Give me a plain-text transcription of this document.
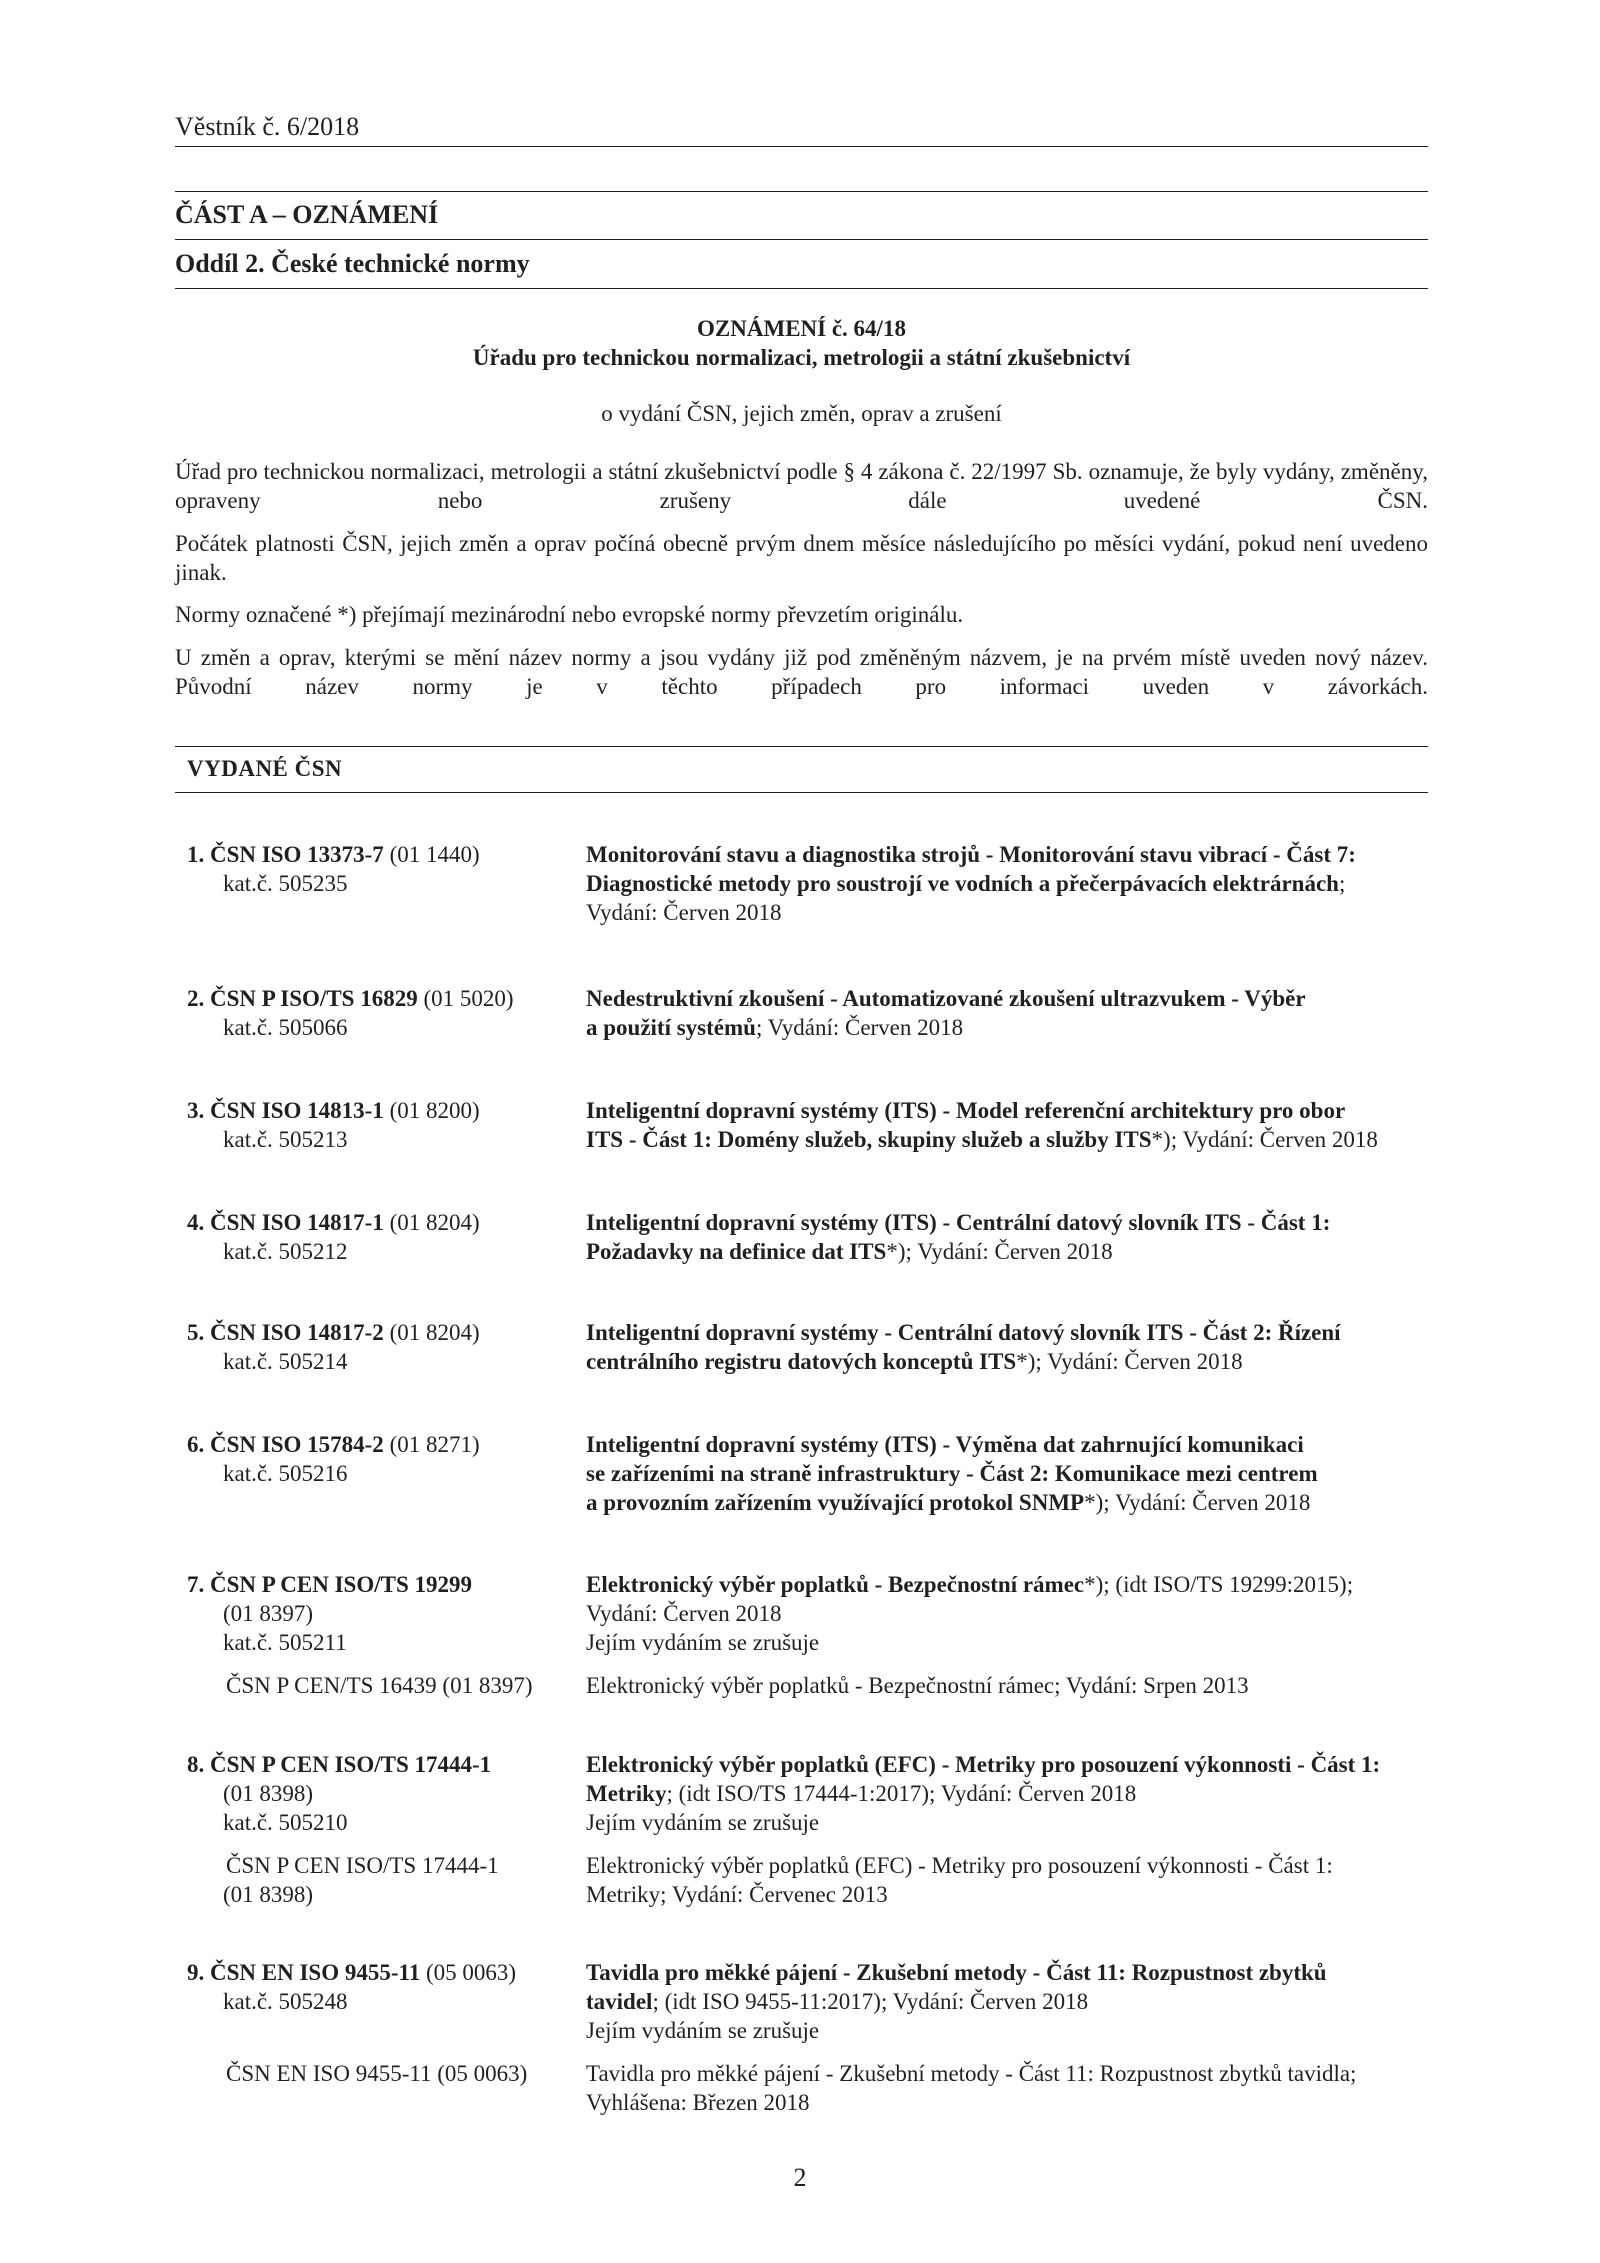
Věstník č. 6/2018
ČÁST A – OZNÁMENÍ
Oddíl 2. České technické normy
OZNÁMENÍ č. 64/18
Úřadu pro technickou normalizaci, metrologii a státní zkušebnictví
o vydání ČSN, jejich změn, oprav a zrušení
Úřad pro technickou normalizaci, metrologii a státní zkušebnictví podle § 4 zákona č. 22/1997 Sb. oznamuje, že byly vydány, změněny, opraveny nebo zrušeny dále uvedené ČSN.
Počátek platnosti ČSN, jejich změn a oprav počíná obecně prvým dnem měsíce následujícího po měsíci vydání, pokud není uvedeno jinak.
Normy označené *) přejímají mezinárodní nebo evropské normy převzetím originálu.
U změn a oprav, kterými se mění název normy a jsou vydány již pod změněným názvem, je na prvém místě uveden nový název. Původní název normy je v těchto případech pro informaci uveden v závorkách.
VYDANÉ ČSN
1. ČSN ISO 13373-7 (01 1440)
kat.č. 505235
Monitorování stavu a diagnostika strojů - Monitorování stavu vibrací - Část 7:
Diagnostické metody pro soustrojí ve vodních a přečerpávacích elektrárnách;
Vydání: Červen 2018
2. ČSN P ISO/TS 16829 (01 5020)
kat.č. 505066
Nedestruktivní zkoušení - Automatizované zkoušení ultrazvukem - Výběr
a použití systémů; Vydání: Červen 2018
3. ČSN ISO 14813-1 (01 8200)
kat.č. 505213
Inteligentní dopravní systémy (ITS) - Model referenční architektury pro obor
ITS - Část 1: Domény služeb, skupiny služeb a služby ITS*); Vydání: Červen 2018
4. ČSN ISO 14817-1 (01 8204)
kat.č. 505212
Inteligentní dopravní systémy (ITS) - Centrální datový slovník ITS - Část 1:
Požadavky na definice dat ITS*); Vydání: Červen 2018
5. ČSN ISO 14817-2 (01 8204)
kat.č. 505214
Inteligentní dopravní systémy - Centrální datový slovník ITS - Část 2: Řízení
centrálního registru datových konceptů ITS*); Vydání: Červen 2018
6. ČSN ISO 15784-2 (01 8271)
kat.č. 505216
Inteligentní dopravní systémy (ITS) - Výměna dat zahrnující komunikaci
se zařízeními na straně infrastruktury - Část 2: Komunikace mezi centrem
a provozním zařízením využívající protokol SNMP*); Vydání: Červen 2018
7. ČSN P CEN ISO/TS 19299
(01 8397)
kat.č. 505211
ČSN P CEN/TS 16439 (01 8397)
Elektronický výběr poplatků - Bezpečnostní rámec*); (idt ISO/TS 19299:2015);
Vydání: Červen 2018
Jejím vydáním se zrušuje
Elektronický výběr poplatků - Bezpečnostní rámec; Vydání: Srpen 2013
8. ČSN P CEN ISO/TS 17444-1
(01 8398)
kat.č. 505210
ČSN P CEN ISO/TS 17444-1
(01 8398)
Elektronický výběr poplatků (EFC) - Metriky pro posouzení výkonnosti - Část 1:
Metriky; (idt ISO/TS 17444-1:2017); Vydání: Červen 2018
Jejím vydáním se zrušuje
Elektronický výběr poplatků (EFC) - Metriky pro posouzení výkonnosti - Část 1:
Metriky; Vydání: Červenec 2013
9. ČSN EN ISO 9455-11 (05 0063)
kat.č. 505248
ČSN EN ISO 9455-11 (05 0063)
Tavidla pro měkké pájení - Zkušební metody - Část 11: Rozpustnost zbytků
tavidel; (idt ISO 9455-11:2017); Vydání: Červen 2018
Jejím vydáním se zrušuje
Tavidla pro měkké pájení - Zkušební metody - Část 11: Rozpustnost zbytků tavidla;
Vyhlášena: Březen 2018
2
